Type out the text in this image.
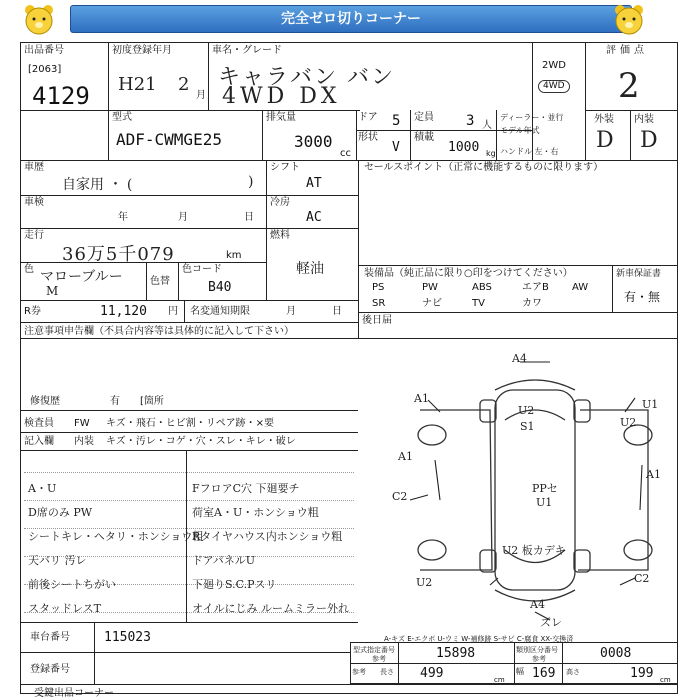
完全ゼロ切りコーナー
出品番号
[2063]
4129
初度登録年月
H21 2
月
車名・グレード
キャラバン バン
4WD DX
2WD
4WD
評価点
2
外装 内装
D D
型式
ADF-CWMGE25
排気量
3000
cc
ドア 5 定員 3 人
ディーラー・並行
モデル年式
形状
V
積載
1000 kg ハンドル 左・右
車歴
自家用 ・ (	)
シフト
AT
セールスポイント（正常に機能するものに限ります）
車検
年	月	日
冷房
AC
走行
36万5千079	km
燃料
軽油
色 マローブルー
M
色替
色コード
B40
装備品（純正品に限り○印をつけてください）
PS	PW	ABS	エアB AW
SR	ナビ	TV	カワ
新車保証書
有・無
R券	11,120 円 名変通知期限	月	日
後日届
注意事項申告欄（不具合内容等は具体的に記入して下さい）
修復歴	有 [箇所
検査員 FW キズ・飛石・ヒビ割・リペア跡・×要
記入欄 内装 キズ・汚レ・コゲ・穴・スレ・キレ・破レ
A・U
D席のみ PW
シートキレ・ヘタリ・ホンショウ粗
天バリ 汚レ
前後シートちがい
スタッドレスT
FフロアC穴 下廻要チ
荷室A・U・ホンショウ粗
Rタイヤハウス内ホンショウ粗
ドアパネルU
下廻りS.C.Pスリ
オイルにじみ ルームミラー外れ
A4
A1
U2
S1
U1
U2
A1
C2
PPセ
U1
A1
U2 板カデキ
U2	C2
A4
ズレ
A-キズ E-エクボ U-ウミ W-補修跡 S-サビ C-腐食 XX-交換済
車台番号	115023
登録番号
型式指定番号
参考	15898	類別区分番号
参考	0008
参考 長さ 499	cm
幅 169 高さ	199 cm
受鍵出品コーナー
